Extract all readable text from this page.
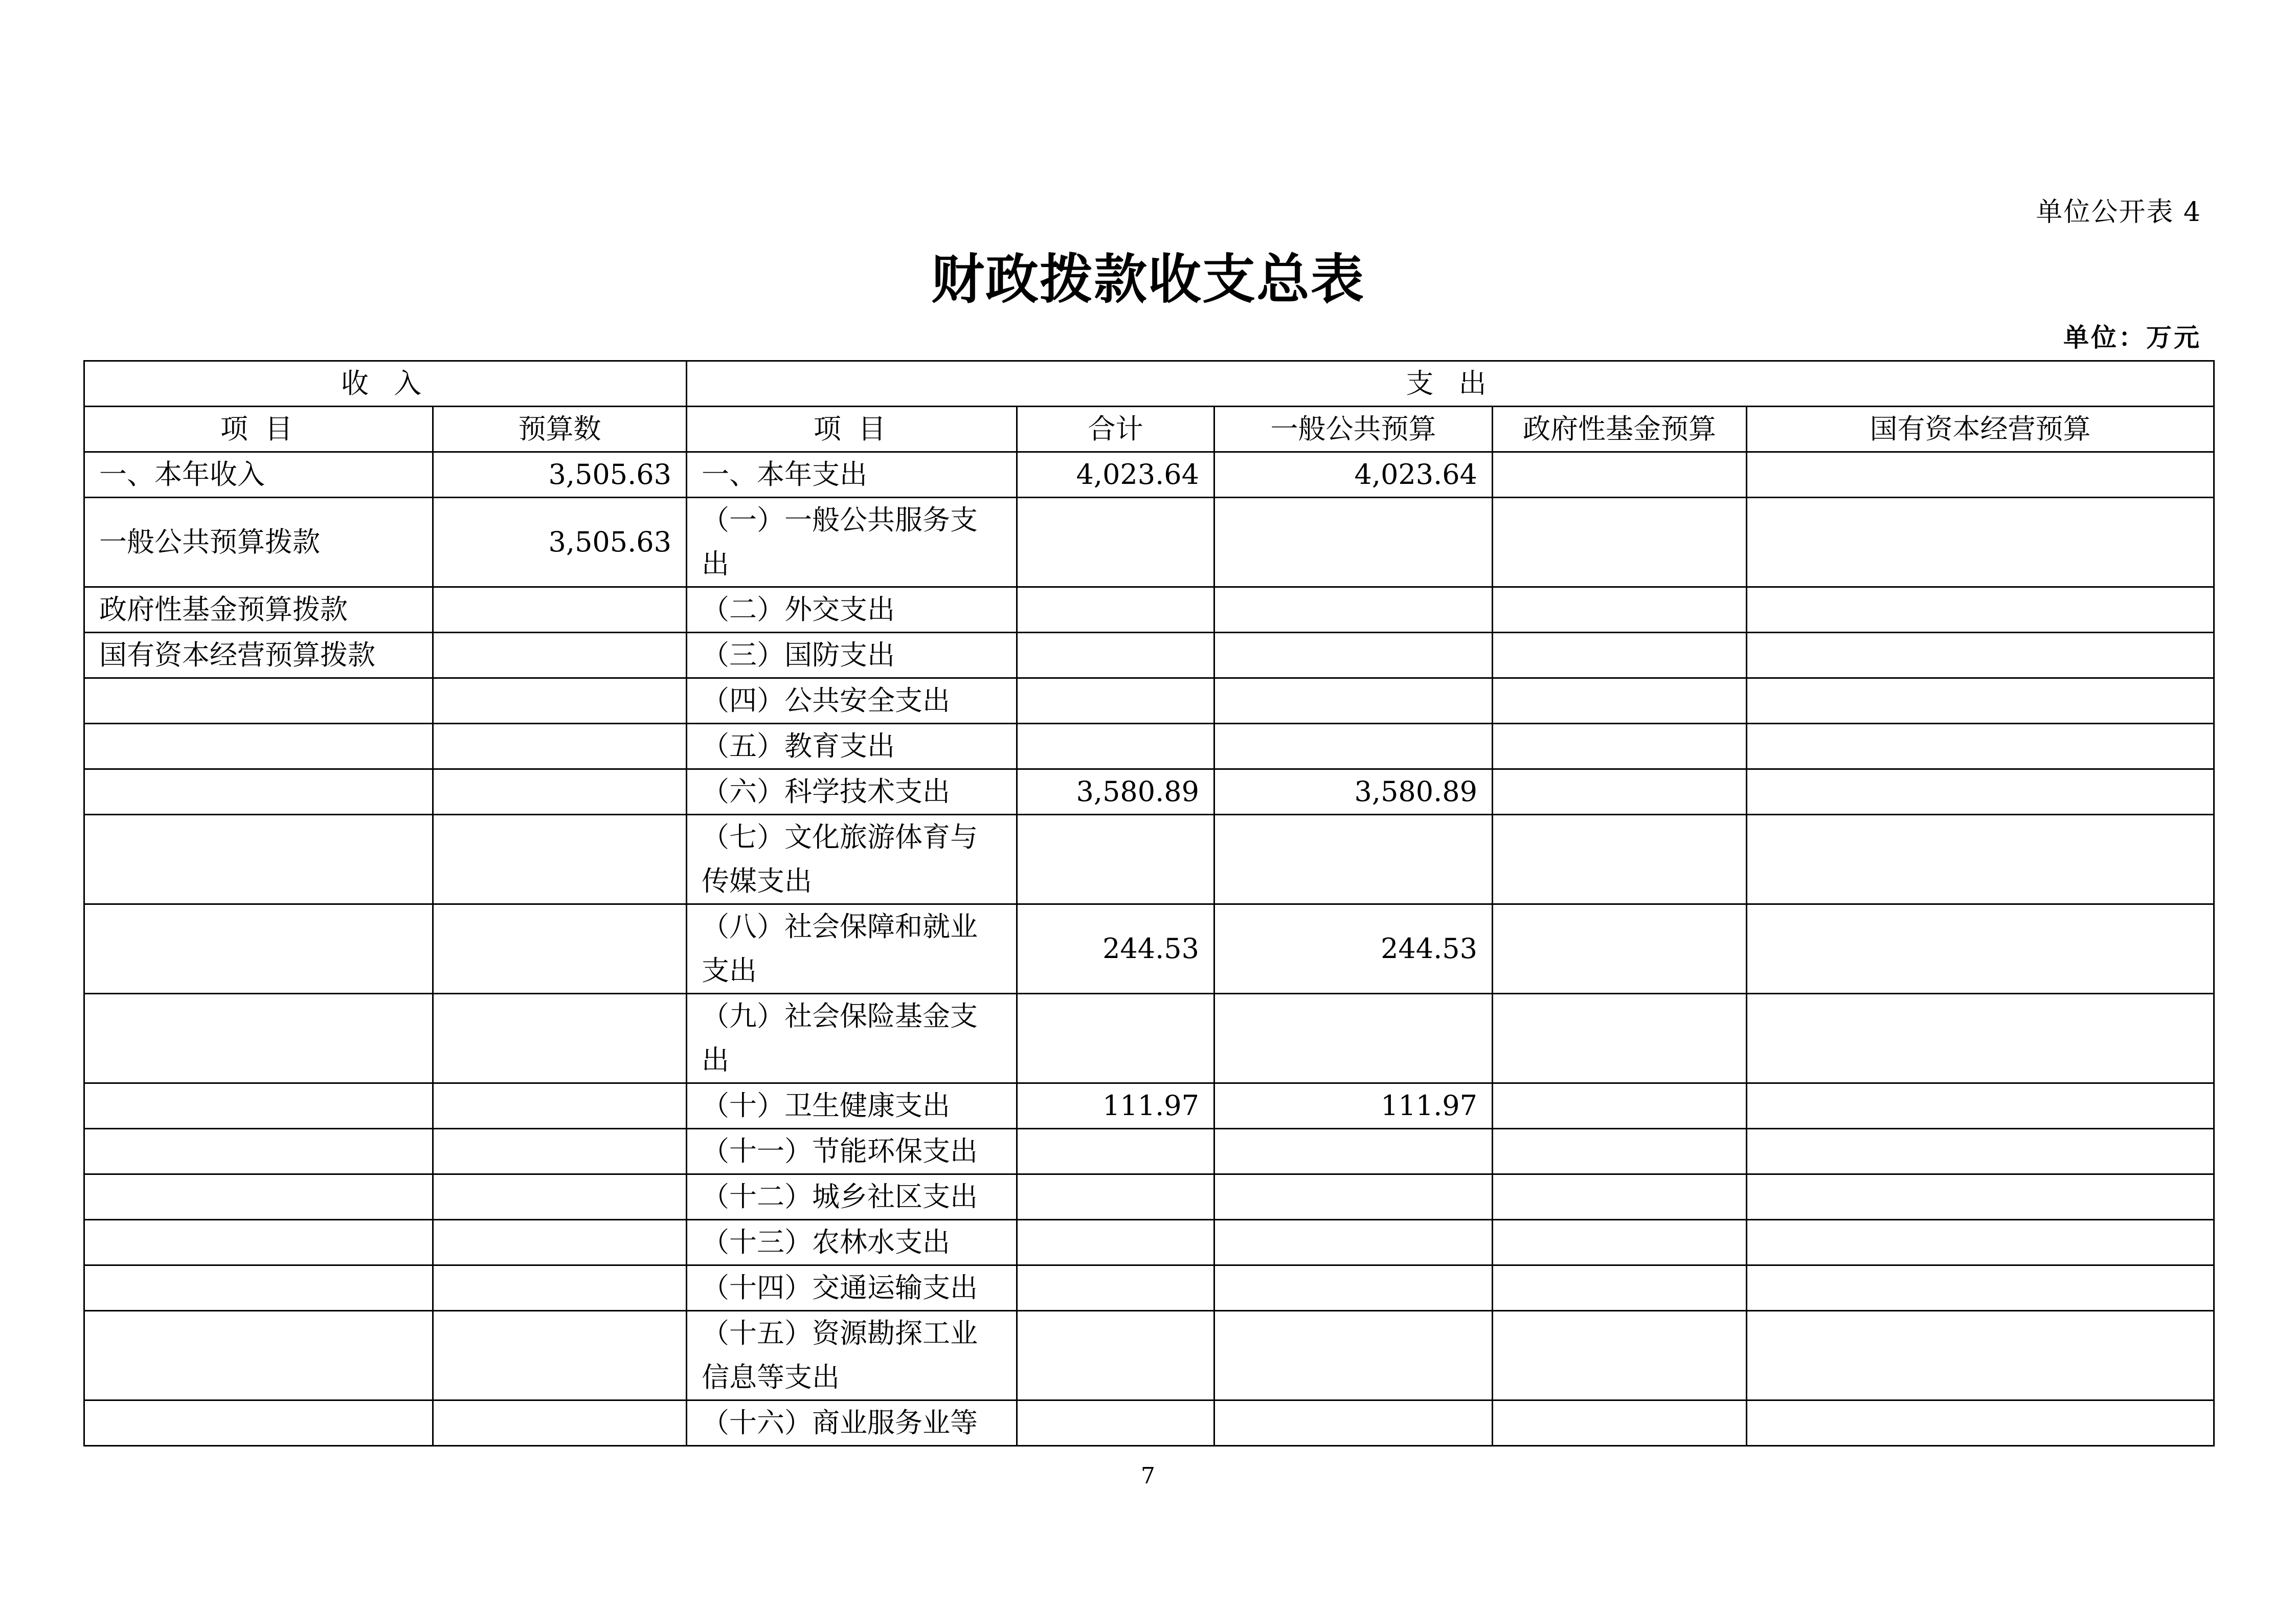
单位公开表 4
财政拨款收支总表
单位：万元
收 入		支 出				
项 目	预算数	项 目	合计	一般公共预算	政府性基金预算	国有资本经营预算
一、本年收入	3,505.63	一、本年支出	4,023.64	4,023.64		
一般公共预算拨款	3,505.63	（一）一般公共服务支出				
政府性基金预算拨款		（二）外交支出				
国有资本经营预算拨款		（三）国防支出				
		（四）公共安全支出				
		（五）教育支出				
		（六）科学技术支出	3,580.89	3,580.89		
		（七）文化旅游体育与传媒支出				
		（八）社会保障和就业支出	244.53	244.53		
		（九）社会保险基金支出				
		（十）卫生健康支出	111.97	111.97		
		（十一）节能环保支出				
		（十二）城乡社区支出				
		（十三）农林水支出				
		（十四）交通运输支出				
		（十五）资源勘探工业信息等支出				
		（十六）商业服务业等				
7
